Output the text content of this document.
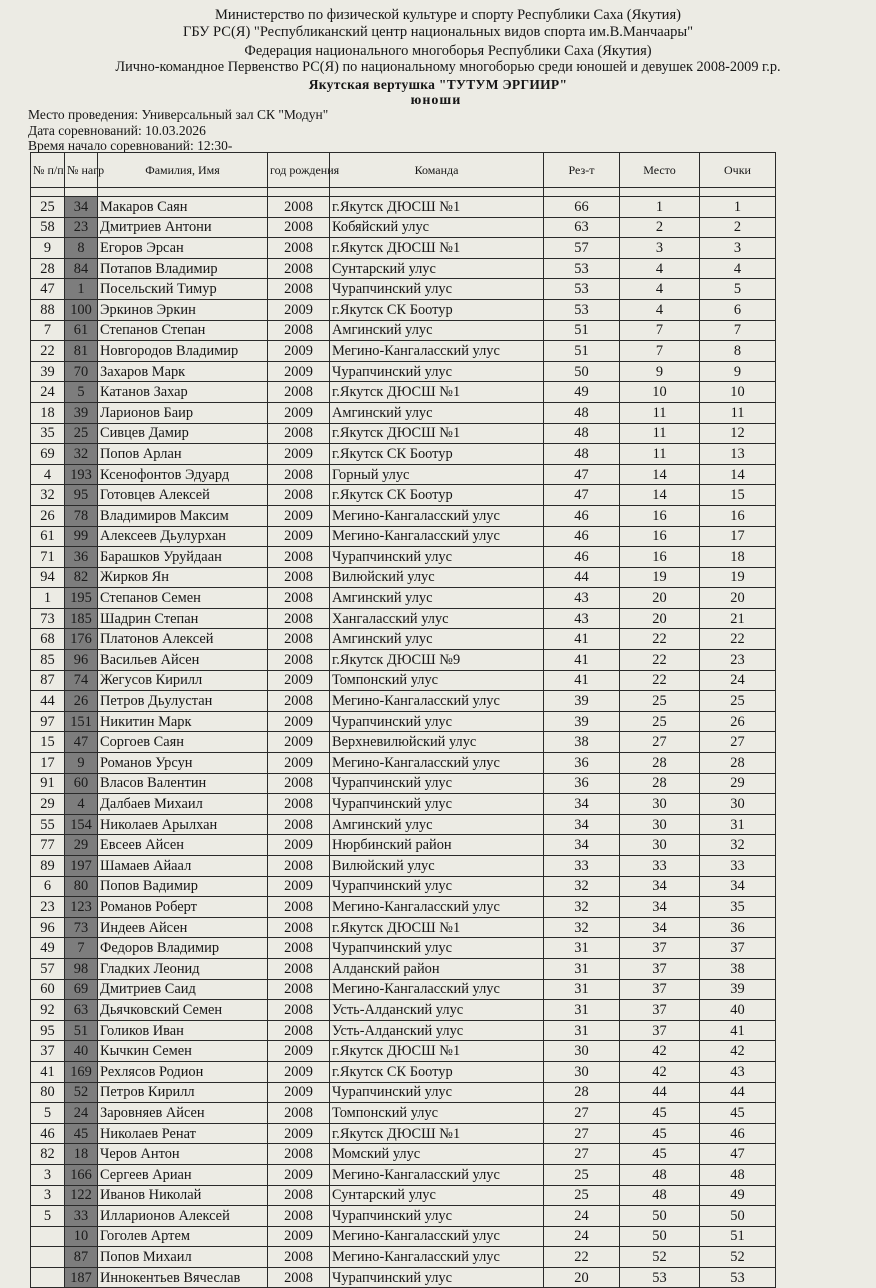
Министерство по физической культуре и спорту Республики Саха (Якутия)
ГБУ РС(Я) "Республиканский центр национальных видов спорта им.В.Манчаары"
Федерация национального многоборья Республики Саха (Якутия)
Лично-командное Первенство РС(Я) по национальному многоборью среди юношей и девушек 2008-2009 г.р.
Якутская вертушка "ТУТУМ ЭРГИИР"
юноши
Место проведения: Универсальный зал СК "Модун"
Дата соревнований: 10.03.2026
Время начало соревнований: 12:30-
№ п/п	№ нагр	Фамилия, Имя	год рождения	Команда	Рез-т	Место	Очки

25	34	Макаров Саян	2008	г.Якутск ДЮСШ №1	66	1	1
58	23	Дмитриев Антони	2008	Кобяйский улус	63	2	2
9	8	Егоров Эрсан	2008	г.Якутск ДЮСШ №1	57	3	3
28	84	Потапов Владимир	2008	Сунтарский улус	53	4	4
47	1	Посельский Тимур	2008	Чурапчинский улус	53	4	5
88	100	Эркинов Эркин	2009	г.Якутск СК Боотур	53	4	6
7	61	Степанов Степан	2008	Амгинский улус	51	7	7
22	81	Новгородов Владимир	2009	Мегино-Кангаласский улус	51	7	8
39	70	Захаров Марк	2009	Чурапчинский улус	50	9	9
24	5	Катанов Захар	2008	г.Якутск ДЮСШ №1	49	10	10
18	39	Ларионов Баир	2009	Амгинский улус	48	11	11
35	25	Сивцев Дамир	2008	г.Якутск ДЮСШ №1	48	11	12
69	32	Попов Арлан	2009	г.Якутск СК Боотур	48	11	13
4	193	Ксенофонтов Эдуард	2008	Горный улус	47	14	14
32	95	Готовцев Алексей	2008	г.Якутск СК Боотур	47	14	15
26	78	Владимиров Максим	2009	Мегино-Кангаласский улус	46	16	16
61	99	Алексеев Дьулурхан	2009	Мегино-Кангаласский улус	46	16	17
71	36	Барашков Уруйдаан	2008	Чурапчинский улус	46	16	18
94	82	Жирков Ян	2008	Вилюйский улус	44	19	19
1	195	Степанов Семен	2008	Амгинский улус	43	20	20
73	185	Шадрин Степан	2008	Хангаласский улус	43	20	21
68	176	Платонов Алексей	2008	Амгинский улус	41	22	22
85	96	Васильев Айсен	2008	г.Якутск ДЮСШ №9	41	22	23
87	74	Жегусов Кирилл	2009	Томпонский улус	41	22	24
44	26	Петров Дьулустан	2008	Мегино-Кангаласский улус	39	25	25
97	151	Никитин Марк	2009	Чурапчинский улус	39	25	26
15	47	Соргоев Саян	2009	Верхневилюйский улус	38	27	27
17	9	Романов Урсун	2009	Мегино-Кангаласский улус	36	28	28
91	60	Власов Валентин	2008	Чурапчинский улус	36	28	29
29	4	Далбаев Михаил	2008	Чурапчинский улус	34	30	30
55	154	Николаев Арылхан	2008	Амгинский улус	34	30	31
77	29	Евсеев Айсен	2009	Нюрбинский район	34	30	32
89	197	Шамаев Айаал	2008	Вилюйский улус	33	33	33
6	80	Попов Вадимир	2009	Чурапчинский улус	32	34	34
23	123	Романов Роберт	2008	Мегино-Кангаласский улус	32	34	35
96	73	Индеев Айсен	2008	г.Якутск ДЮСШ №1	32	34	36
49	7	Федоров Владимир	2008	Чурапчинский улус	31	37	37
57	98	Гладких Леонид	2008	Алданский район	31	37	38
60	69	Дмитриев Саид	2008	Мегино-Кангаласский улус	31	37	39
92	63	Дьячковский Семен	2008	Усть-Алданский улус	31	37	40
95	51	Голиков Иван	2008	Усть-Алданский улус	31	37	41
37	40	Кычкин Семен	2009	г.Якутск ДЮСШ №1	30	42	42
41	169	Рехлясов Родион	2009	г.Якутск СК Боотур	30	42	43
80	52	Петров Кирилл	2009	Чурапчинский улус	28	44	44
5	24	Заровняев Айсен	2008	Томпонский улус	27	45	45
46	45	Николаев Ренат	2009	г.Якутск ДЮСШ №1	27	45	46
82	18	Черов Антон	2008	Момский улус	27	45	47
3	166	Сергеев Ариан	2009	Мегино-Кангаласский улус	25	48	48
3	122	Иванов Николай	2008	Сунтарский улус	25	48	49
5	33	Илларионов Алексей	2008	Чурапчинский улус	24	50	50
	10	Гоголев Артем	2009	Мегино-Кангаласский улус	24	50	51
	87	Попов Михаил	2008	Мегино-Кангаласский улус	22	52	52
	187	Иннокентьев Вячеслав	2008	Чурапчинский улус	20	53	53
